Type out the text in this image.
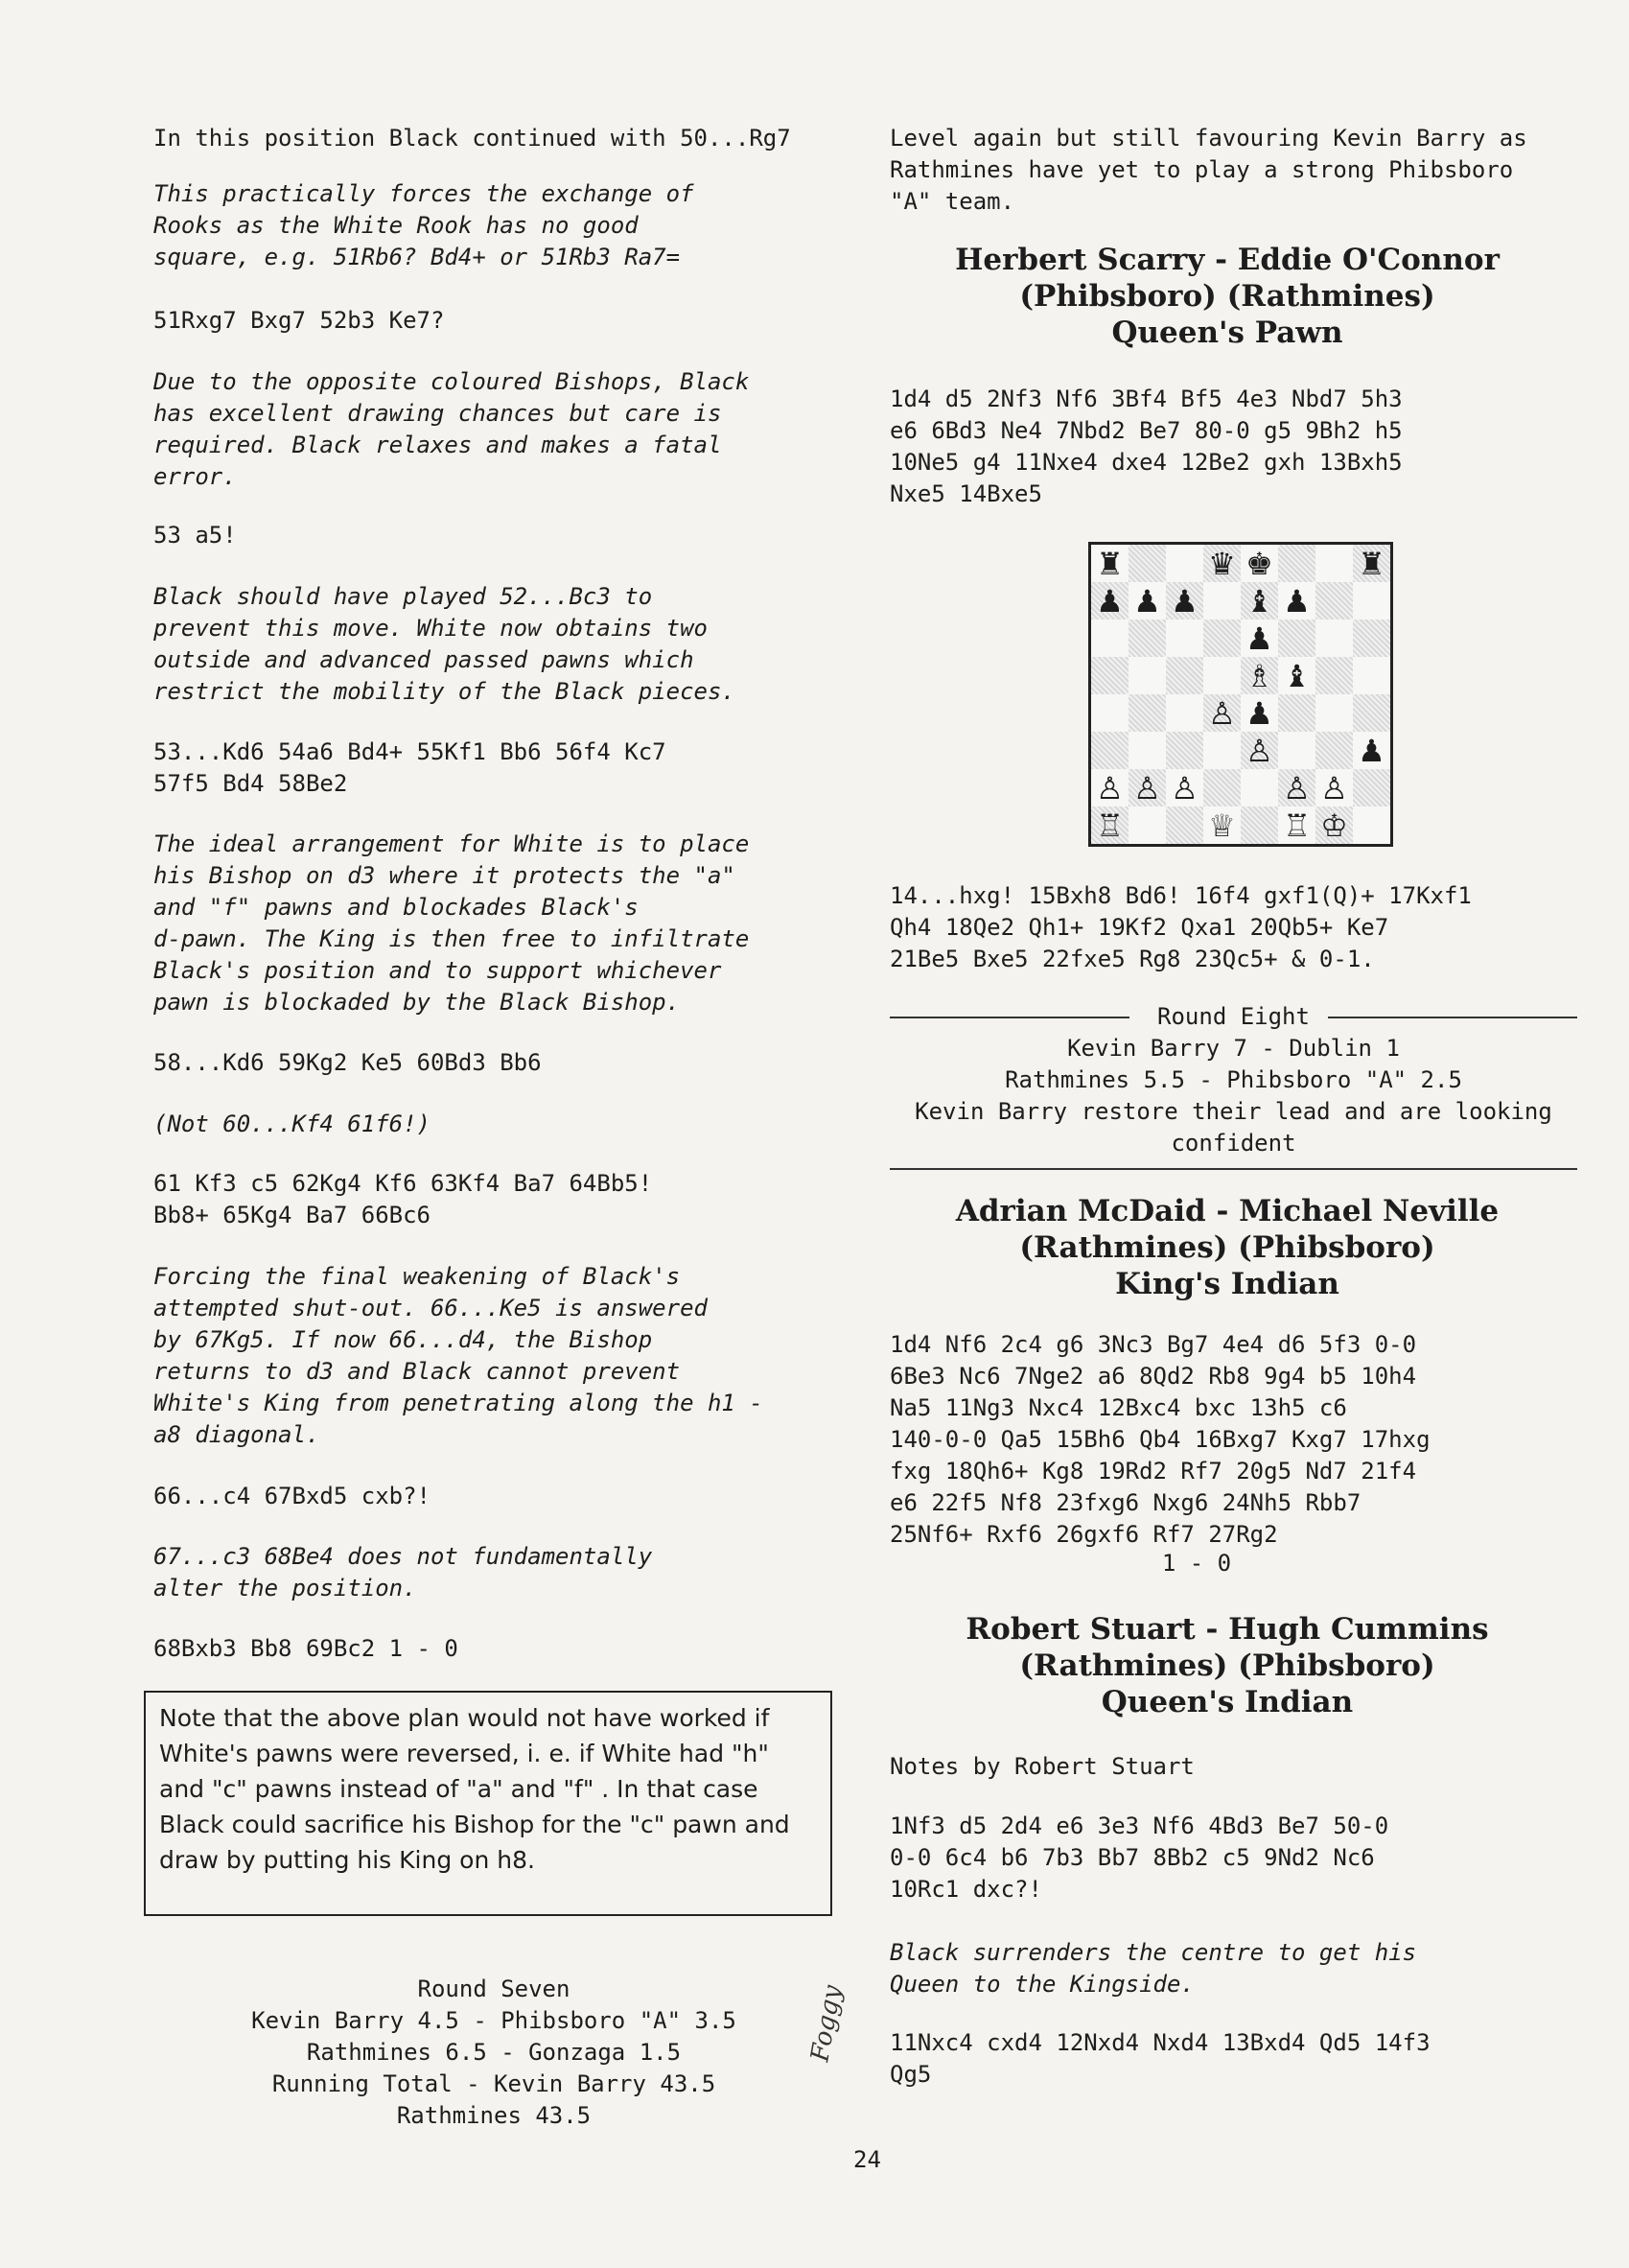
In this position Black continued with 50...Rg7
This practically forces the exchange of
Rooks as the White Rook has no good
square, e.g. 51Rb6? Bd4+ or 51Rb3 Ra7=
51Rxg7 Bxg7 52b3 Ke7?
Due to the opposite coloured Bishops, Black
has excellent drawing chances but care is
required. Black relaxes and makes a fatal
error.
53 a5!
Black should have played 52...Bc3 to
prevent this move. White now obtains two
outside and advanced passed pawns which
restrict the mobility of the Black pieces.
53...Kd6 54a6 Bd4+ 55Kf1 Bb6 56f4 Kc7
57f5 Bd4 58Be2
The ideal arrangement for White is to place
his Bishop on d3 where it protects the "a"
and "f" pawns and blockades Black's
d-pawn. The King is then free to infiltrate
Black's position and to support whichever
pawn is blockaded by the Black Bishop.
58...Kd6 59Kg2 Ke5 60Bd3 Bb6
(Not 60...Kf4 61f6!)
61 Kf3 c5 62Kg4 Kf6 63Kf4 Ba7 64Bb5!
Bb8+ 65Kg4 Ba7 66Bc6
Forcing the final weakening of Black's
attempted shut-out. 66...Ke5 is answered
by 67Kg5. If now 66...d4, the Bishop
returns to d3 and Black cannot prevent
White's King from penetrating along the h1 -
a8 diagonal.
66...c4 67Bxd5 cxb?!
67...c3 68Be4 does not fundamentally
alter the position.
68Bxb3 Bb8 69Bc2 1 - 0
Note that the above plan would not have worked if White's pawns were reversed, i. e. if White had "h" and "c" pawns instead of "a" and "f" . In that case Black could sacrifice his Bishop for the "c" pawn and draw by putting his King on h8.

Round Seven
Kevin Barry 4.5 - Phibsboro "A" 3.5
Rathmines 6.5 - Gonzaga 1.5
Running Total - Kevin Barry 43.5
Rathmines 43.5

Foggy
Level again but still favouring Kevin Barry as
Rathmines have yet to play a strong Phibsboro
"A" team.
Herbert Scarry - Eddie O'Connor
(Phibsboro) (Rathmines)
Queen's Pawn
1d4 d5 2Nf3 Nf6 3Bf4 Bf5 4e3 Nbd7 5h3
e6 6Bd3 Ne4 7Nbd2 Be7 80-0 g5 9Bh2 h5
10Ne5 g4 11Nxe4 dxe4 12Be2 gxh 13Bxh5
Nxe5 14Bxe5
♜	♛ ♚	♜
♟ ♟ ♟ ♝ ♟
♟
♗ ♝
♙ ♟
♙	♟
♙ ♙ ♙	♙ ♙
♖	♕ ♖ ♔
14...hxg! 15Bxh8 Bd6! 16f4 gxf1(Q)+ 17Kxf1
Qh4 18Qe2 Qh1+ 19Kf2 Qxa1 20Qb5+ Ke7
21Be5 Bxe5 22fxe5 Rg8 23Qc5+ & 0-1.
Round Eight
Kevin Barry 7 - Dublin 1
Rathmines 5.5 - Phibsboro "A" 2.5
Kevin Barry restore their lead and are looking
confident
Adrian McDaid - Michael Neville
(Rathmines) (Phibsboro)
King's Indian
1d4 Nf6 2c4 g6 3Nc3 Bg7 4e4 d6 5f3 0-0
6Be3 Nc6 7Nge2 a6 8Qd2 Rb8 9g4 b5 10h4
Na5 11Ng3 Nxc4 12Bxc4 bxc 13h5 c6
140-0-0 Qa5 15Bh6 Qb4 16Bxg7 Kxg7 17hxg
fxg 18Qh6+ Kg8 19Rd2 Rf7 20g5 Nd7 21f4
e6 22f5 Nf8 23fxg6 Nxg6 24Nh5 Rbb7
25Nf6+ Rxf6 26gxf6 Rf7 27Rg2
1 - 0
Robert Stuart - Hugh Cummins
(Rathmines) (Phibsboro)
Queen's Indian
Notes by Robert Stuart
1Nf3 d5 2d4 e6 3e3 Nf6 4Bd3 Be7 50-0
0-0 6c4 b6 7b3 Bb7 8Bb2 c5 9Nd2 Nc6
10Rc1 dxc?!
Black surrenders the centre to get his
Queen to the Kingside.
11Nxc4 cxd4 12Nxd4 Nxd4 13Bxd4 Qd5 14f3
Qg5
24
